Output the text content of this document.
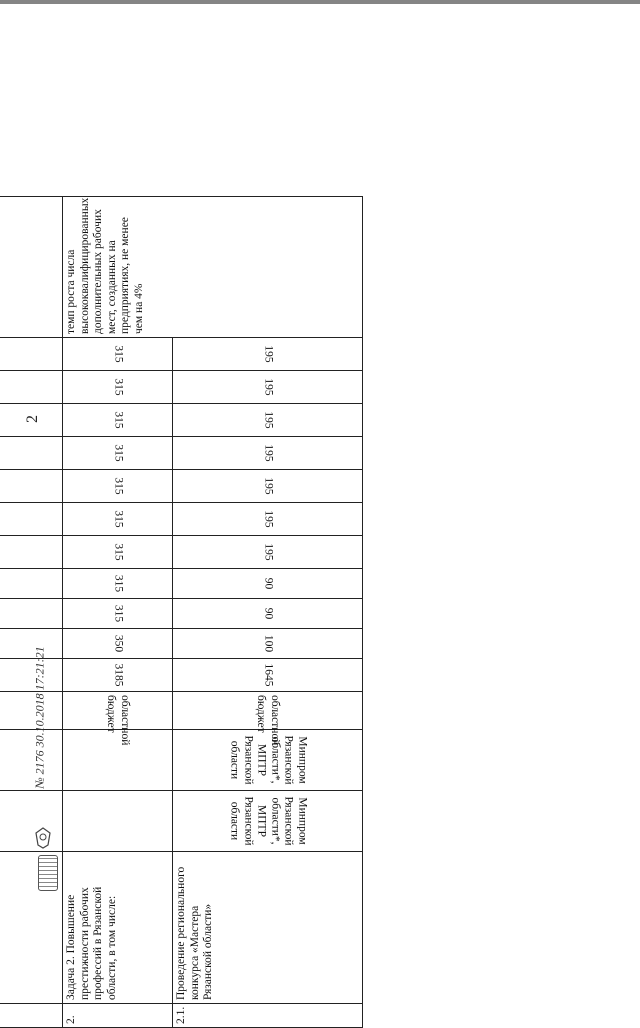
2

2.	Задача 2. Повышение престижности рабочих профессий в Рязанской области, в том числе:			областной бюджет	3185	350	315	315	315	315	315	315	315	315	315	темп роста числа высококвалифицированных дополнительных рабочих мест, созданных на предприятиях, не менее чем на 4%
2.1.	Проведение регионального конкурса «Мастера Рязанской области»	Минпром Рязанской области*, МПТР Рязанской области	Минпром Рязанской области*, МПТР Рязанской области	областной бюджет	1645	100	90	90	195	195	195	195	195	195	195	
№ 2176 30.10.2018 17:21:21
